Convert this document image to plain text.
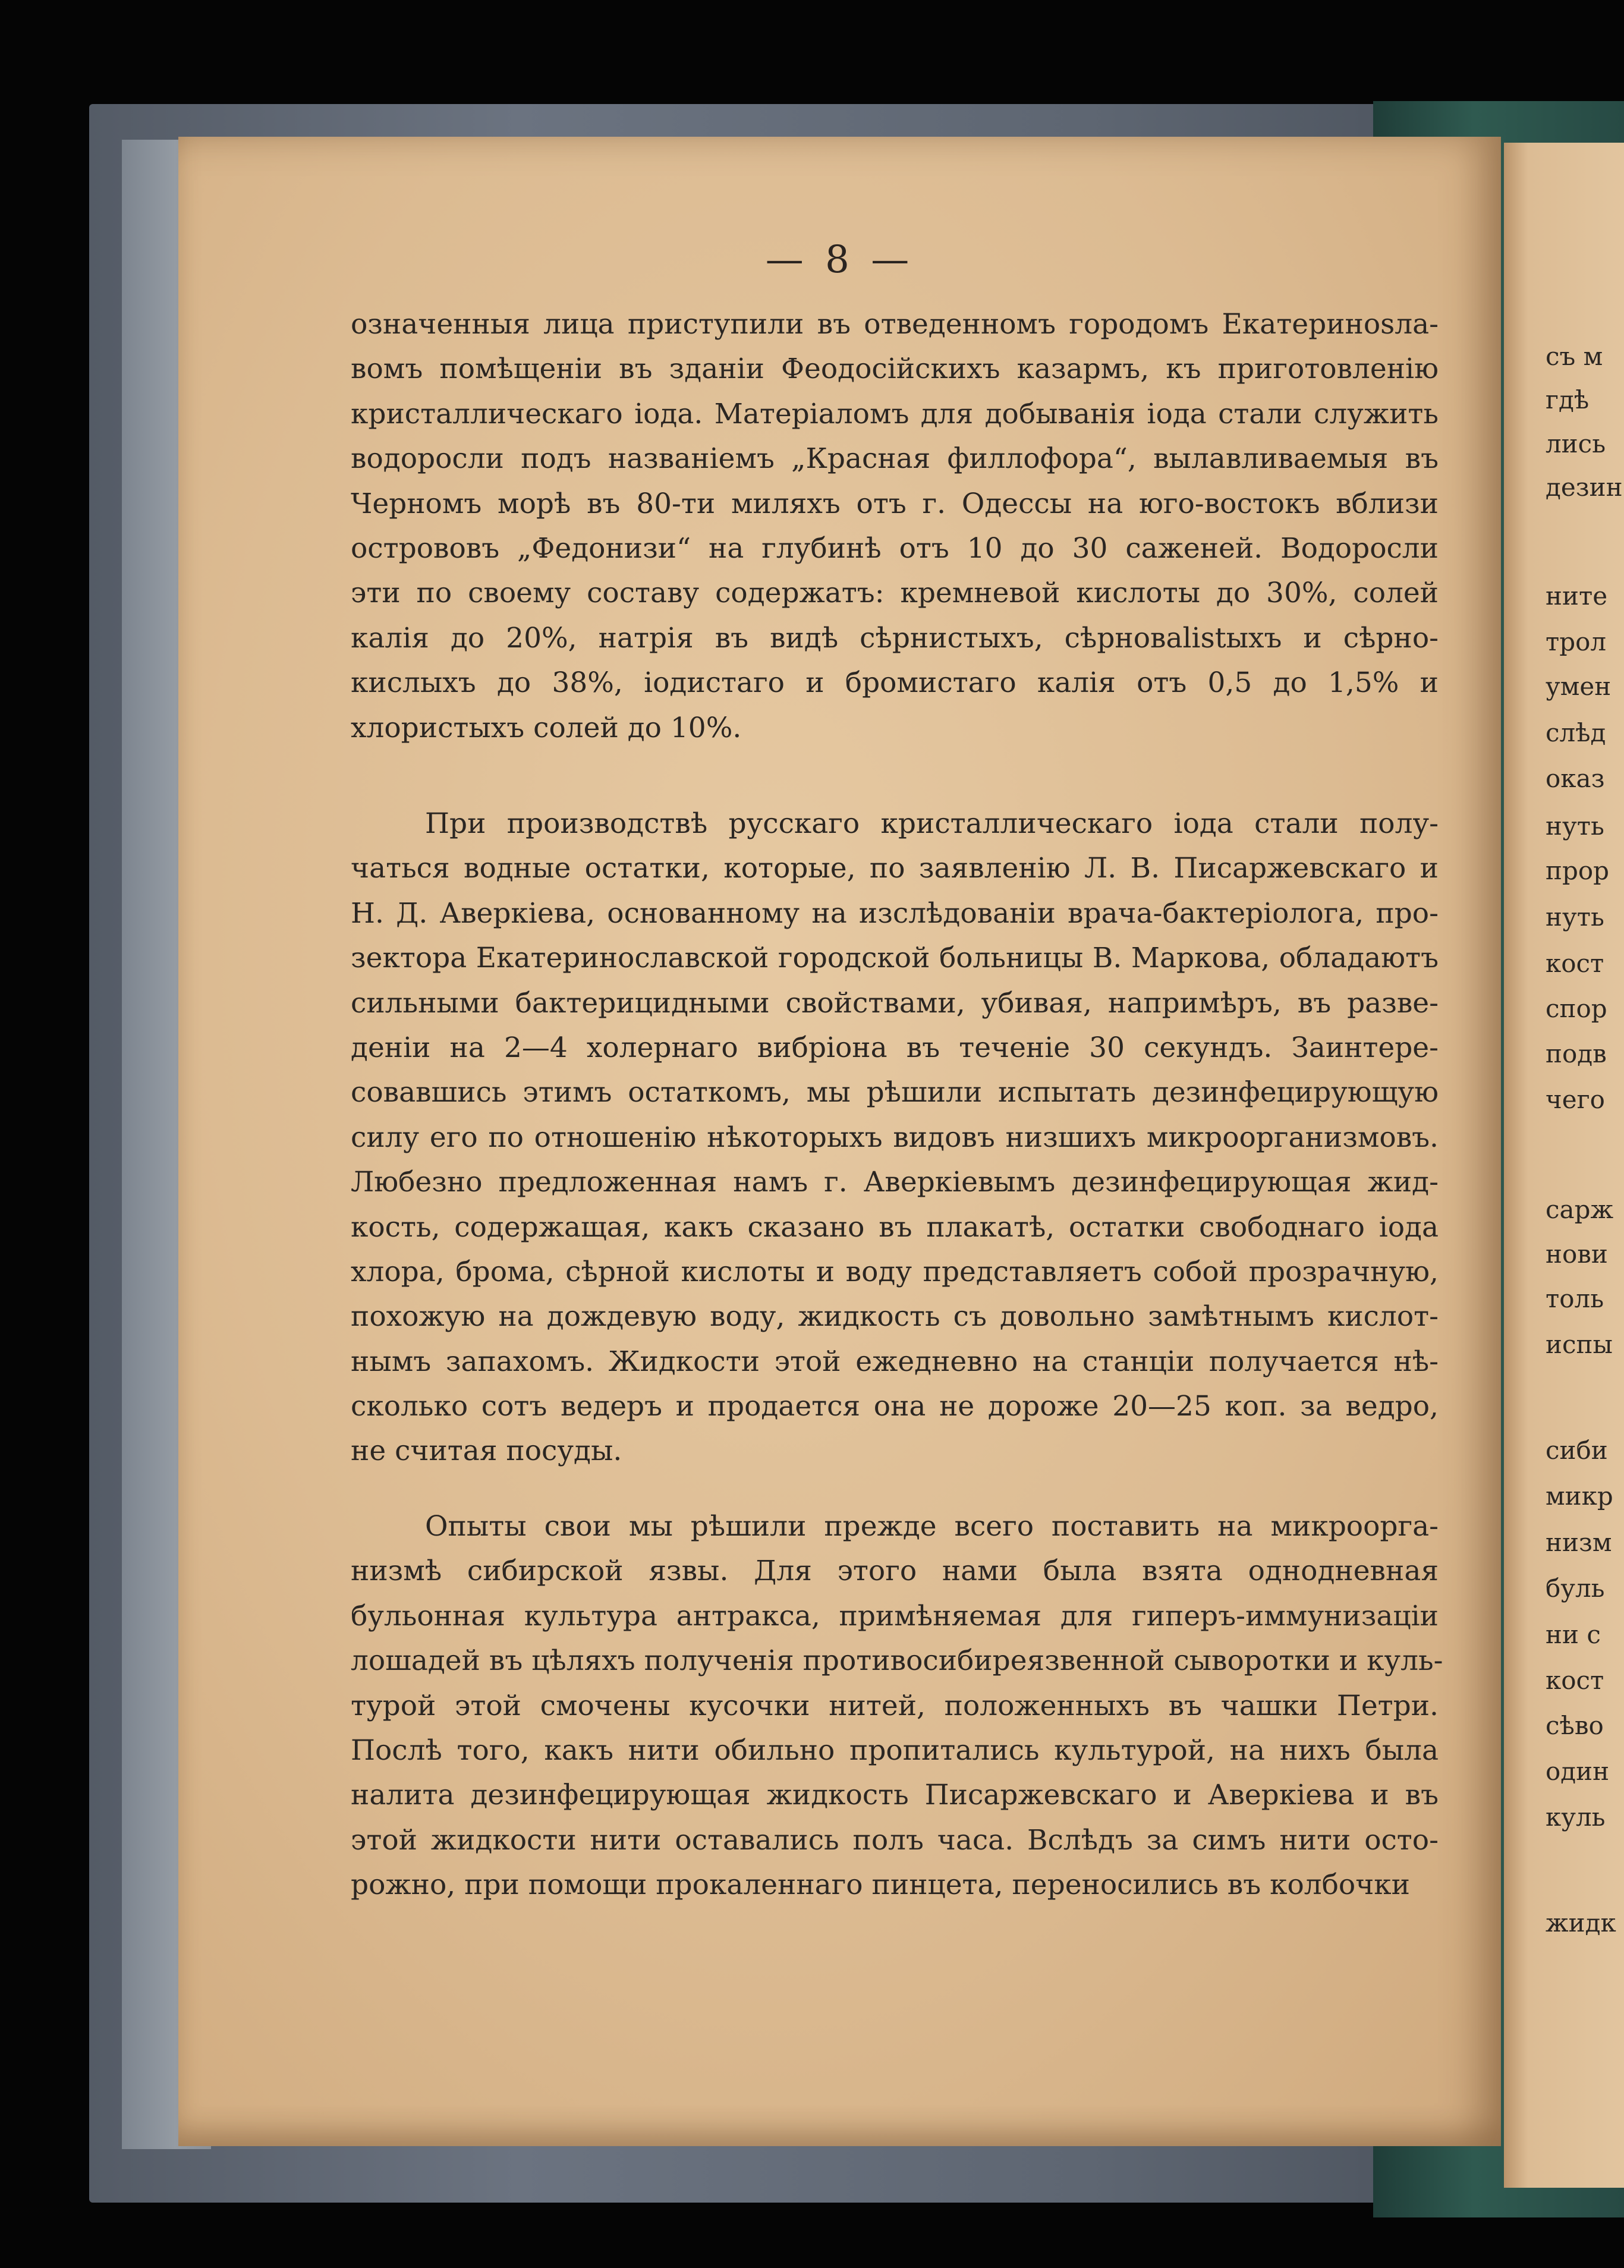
— 8 —

означенныя лица приступили въ отведенномъ городомъ Екатеринosла-
вомъ помѣщеніи въ зданіи Феодосійскихъ казармъ, къ приготовленію
кристаллическаго іода. Матеріаломъ для добыванія іода стали служить
водоросли подъ названіемъ „Красная филлофора“, вылавливаемыя въ
Черномъ морѣ въ 80-ти миляхъ отъ г. Одессы на юго-востокъ вблизи
острововъ „Федонизи“ на глубинѣ отъ 10 до 30 саженей. Водоросли
эти по своему составу содержатъ: кремневой кислоты до 30%, солей
калія до 20%, натрія въ видѣ сѣрнистыхъ, сѣрноваlistыхъ и сѣрно-
кислыхъ до 38%, іодистаго и бромистаго калія отъ 0,5 до 1,5% и
хлористыхъ солей до 10%.

При производствѣ русскаго кристаллическаго іода стали полу-
чаться водные остатки, которые, по заявленію Л. В. Писаржевскаго и
Н. Д. Аверкіева, основанному на изслѣдованіи врача-бактеріолога, про-
зектора Екатеринославской городской больницы В. Маркова, обладаютъ
сильными бактерицидными свойствами, убивая, напримѣръ, въ разве-
деніи на 2—4 холернаго вибріона въ теченіе 30 секундъ. Заинтере-
совавшись этимъ остаткомъ, мы рѣшили испытать дезинфецирующую
силу его по отношенію нѣкоторыхъ видовъ низшихъ микроорганизмовъ.
Любезно предложенная намъ г. Аверкіевымъ дезинфецирующая жид-
кость, содержащая, какъ сказано въ плакатѣ, остатки свободнаго іода
хлора, брома, сѣрной кислоты и воду представляетъ собой прозрачную,
похожую на дождевую воду, жидкость съ довольно замѣтнымъ кислот-
нымъ запахомъ. Жидкости этой ежедневно на станціи получается нѣ-
сколько сотъ ведеръ и продается она не дороже 20—25 коп. за ведро,
не считая посуды.

Опыты свои мы рѣшили прежде всего поставить на микроорга-
низмѣ сибирской язвы. Для этого нами была взята однодневная
бульонная культура антракса, примѣняемая для гиперъ-иммунизаціи
лошадей въ цѣляхъ полученія противосибиреязвенной сыворотки и куль-
турой этой смочены кусочки нитей, положенныхъ въ чашки Петри.
Послѣ того, какъ нити обильно пропитались культурой, на нихъ была
налита дезинфецирующая жидкость Писаржевскаго и Аверкіева и въ
этой жидкости нити оставались полъ часа. Вслѣдъ за симъ нити осто-
рожно, при помощи прокаленнаго пинцета, переносились въ колбочки

съ м
гдѣ
лись
дезин
ните
трол
умен
слѣд
оказ
нуть
прор
нуть
кост
спор
подв
чего
сарж
нови
толь
испы
сиби
микр
низм
буль
ни с
кост
сѣво
один
куль
жидк
